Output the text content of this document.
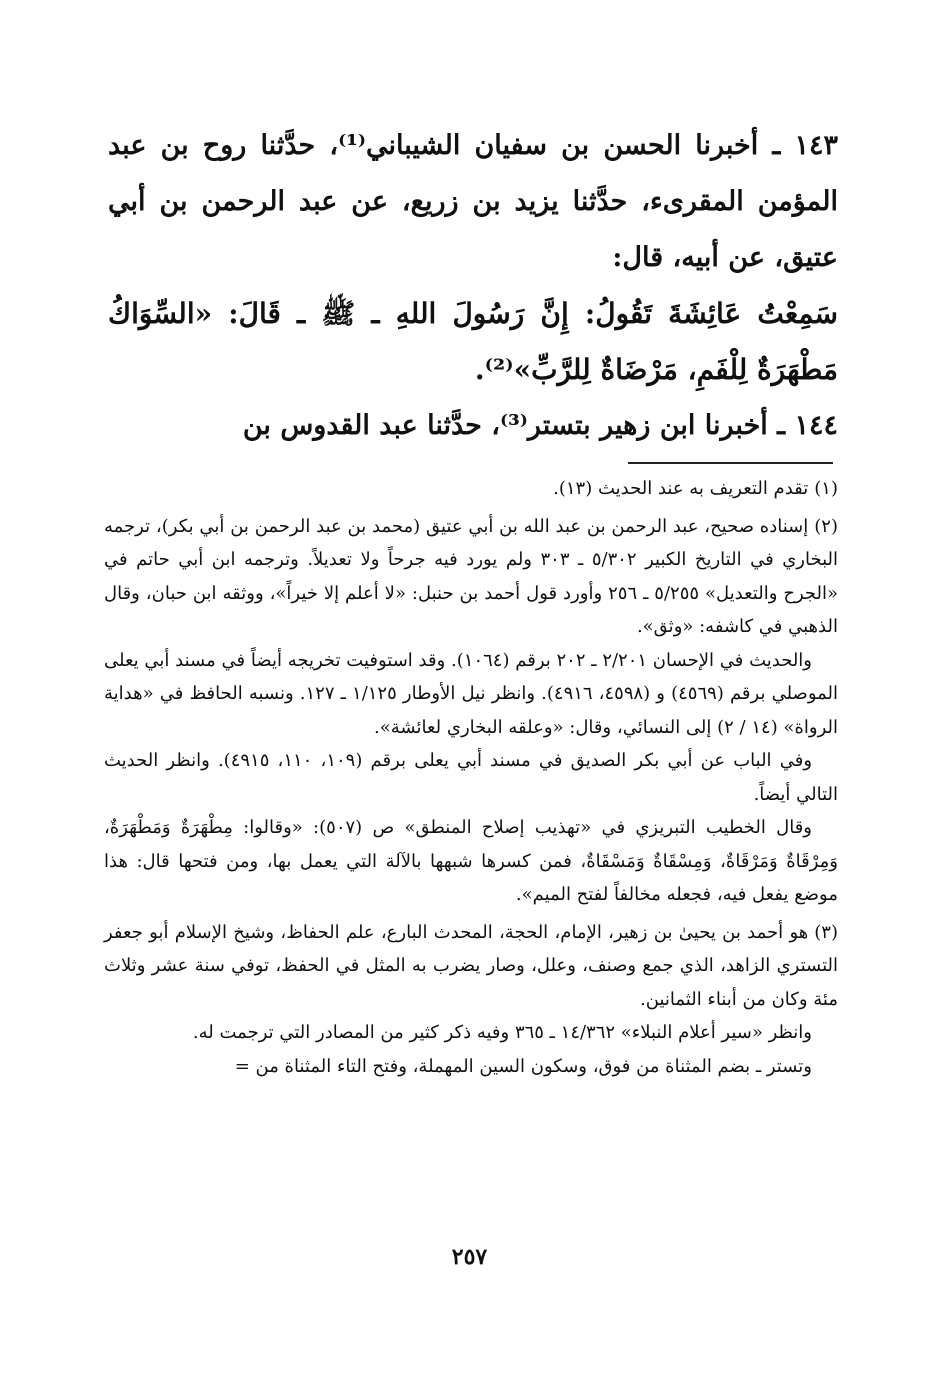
١٤٣ ـ أخبرنا الحسن بن سفيان الشيباني⁽¹⁾، حدَّثنا روح بن عبد المؤمن المقرىء، حدَّثنا يزيد بن زريع، عن عبد الرحمن بن أبي عتيق، عن أبيه، قال:

سَمِعْتُ عَائِشَةَ تَقُولُ: إِنَّ رَسُولَ اللهِ ـ ﷺ ـ قَالَ: «السِّوَاكُ مَطْهَرَةٌ لِلْفَمِ، مَرْضَاةٌ لِلرَّبِّ»⁽²⁾.

١٤٤ ـ أخبرنا ابن زهير بتستر⁽³⁾، حدَّثنا عبد القدوس بن

(١)تقدم التعريف به عند الحديث (١٣).

(٢)إسناده صحيح، عبد الرحمن بن عبد الله بن أبي عتيق (محمد بن عبد الرحمن بن أبي بكر)، ترجمه البخاري في التاريخ الكبير ٥/٣٠٢ ـ ٣٠٣ ولم يورد فيه جرحاً ولا تعديلاً. وترجمه ابن أبي حاتم في «الجرح والتعديل» ٥/٢٥٥ ـ ٢٥٦ وأورد قول أحمد بن حنبل: «لا أعلم إلا خيراً»، ووثقه ابن حبان، وقال الذهبي في كاشفه: «وثق».

والحديث في الإحسان ٢/٢٠١ ـ ٢٠٢ برقم (١٠٦٤). وقد استوفيت تخريجه أيضاً في مسند أبي يعلى الموصلي برقم (٤٥٦٩) و (٤٥٩٨، ٤٩١٦). وانظر نيل الأوطار ١/١٢٥ ـ ١٢٧. ونسبه الحافظ في «هداية الرواة» (١٤ / ٢) إلى النسائي، وقال: «وعلقه البخاري لعائشة».

وفي الباب عن أبي بكر الصديق في مسند أبي يعلى برقم (١٠٩، ١١٠، ٤٩١٥). وانظر الحديث التالي أيضاً.

وقال الخطيب التبريزي في «تهذيب إصلاح المنطق» ص (٥٠٧): «وقالوا: مِطْهَرَةٌ وَمَطْهَرَةٌ، وَمِرْقَاةٌ وَمَرْقَاةٌ، وَمِسْقَاةٌ وَمَسْقَاةٌ، فمن كسرها شبهها بالآلة التي يعمل بها، ومن فتحها قال: هذا موضع يفعل فيه، فجعله مخالفاً لفتح الميم».

(٣)هو أحمد بن يحيىٰ بن زهير، الإمام، الحجة، المحدث البارع، علم الحفاظ، وشيخ الإسلام أبو جعفر التستري الزاهد، الذي جمع وصنف، وعلل، وصار يضرب به المثل في الحفظ، توفي سنة عشر وثلاث مئة وكان من أبناء الثمانين.

وانظر «سير أعلام النبلاء» ١٤/٣٦٢ ـ ٣٦٥ وفيه ذكر كثير من المصادر التي ترجمت له.

وتستر ـ بضم المثناة من فوق، وسكون السين المهملة، وفتح التاء المثناة من =

٢٥٧
